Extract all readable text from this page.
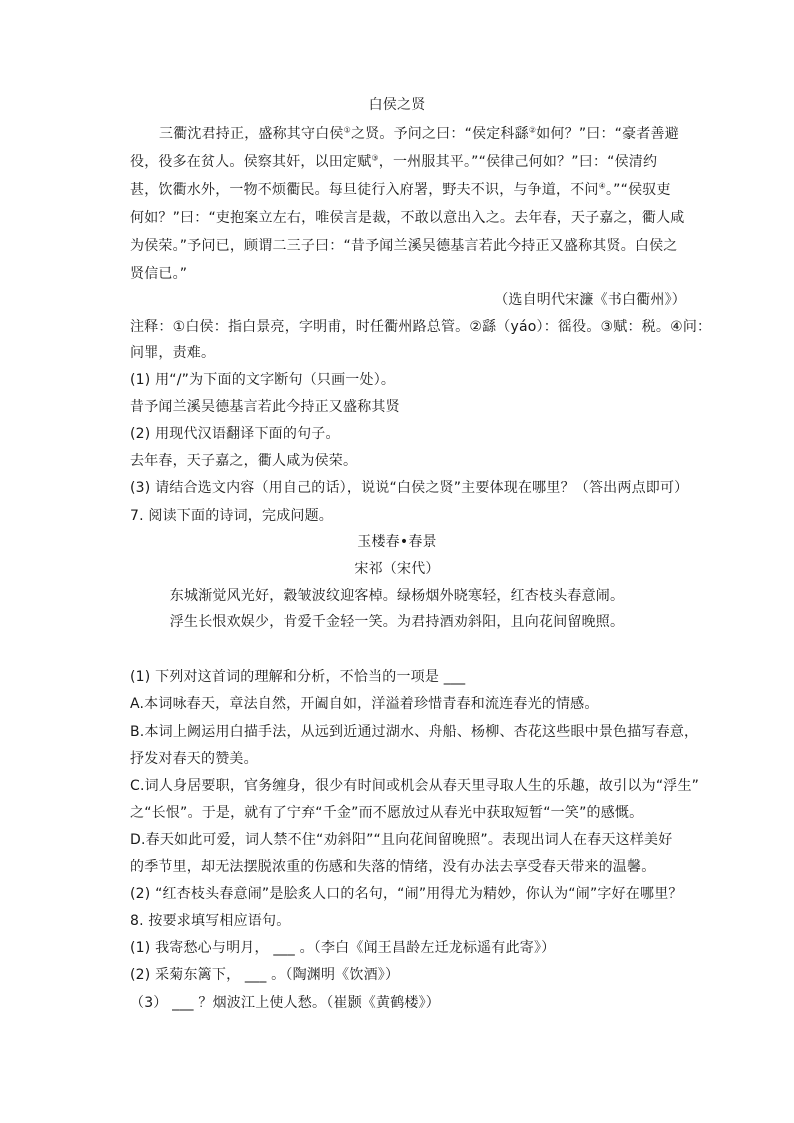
白侯之贤
三衢沈君持正，盛称其守白侯①之贤。予问之曰：“侯定科繇②如何？”曰：“豪者善避
役，役多在贫人。侯察其奸，以田定赋③，一州服其平。”“侯律己何如？”曰：“侯清约
甚，饮衢水外，一物不烦衢民。每旦徒行入府署，野夫不识，与争道，不问④。”“侯驭吏
何如？”曰：“吏抱案立左右，唯侯言是裁，不敢以意出入之。去年春，天子嘉之，衢人咸
为侯荣。”予问已，顾谓二三子曰：“昔予闻兰溪吴德基言若此今持正又盛称其贤。白侯之
贤信已。”
（选自明代宋濂《书白衢州》）
注释：①白侯：指白景亮，字明甫，时任衢州路总管。②繇（yáo）：徭役。③赋：税。④问：
问罪，责难。
(1) 用“/”为下面的文字断句（只画一处）。
昔予闻兰溪吴德基言若此今持正又盛称其贤
(2) 用现代汉语翻译下面的句子。
去年春，天子嘉之，衢人咸为侯荣。
(3) 请结合选文内容（用自己的话），说说“白侯之贤”主要体现在哪里？（答出两点即可）
7. 阅读下面的诗词，完成问题。
玉楼春•春景
宋祁（宋代）
东城渐觉风光好，縠皱波纹迎客棹。绿杨烟外晓寒轻，红杏枝头春意闹。
浮生长恨欢娱少，肯爱千金轻一笑。为君持酒劝斜阳，且向花间留晚照。
(1) 下列对这首词的理解和分析，不恰当的一项是 ___
A.本词咏春天，章法自然，开阖自如，洋溢着珍惜青春和流连春光的情感。
B.本词上阙运用白描手法，从远到近通过湖水、舟船、杨柳、杏花这些眼中景色描写春意，
抒发对春天的赞美。
C.词人身居要职，官务缠身，很少有时间或机会从春天里寻取人生的乐趣，故引以为“浮生”
之“长恨”。于是，就有了宁弃“千金”而不愿放过从春光中获取短暂“一笑”的感慨。
D.春天如此可爱，词人禁不住“劝斜阳”“且向花间留晚照”。表现出词人在春天这样美好
的季节里，却无法摆脱浓重的伤感和失落的情绪，没有办法去享受春天带来的温馨。
(2) “红杏枝头春意闹”是脍炙人口的名句，“闹”用得尤为精妙，你认为“闹”字好在哪里？
8. 按要求填写相应语句。
(1) 我寄愁心与明月， ___ 。（李白《闻王昌龄左迁龙标遥有此寄》）
(2) 采菊东篱下， ___ 。（陶渊明《饮酒》）
（3） ___ ？烟波江上使人愁。（崔颢《黄鹤楼》）
